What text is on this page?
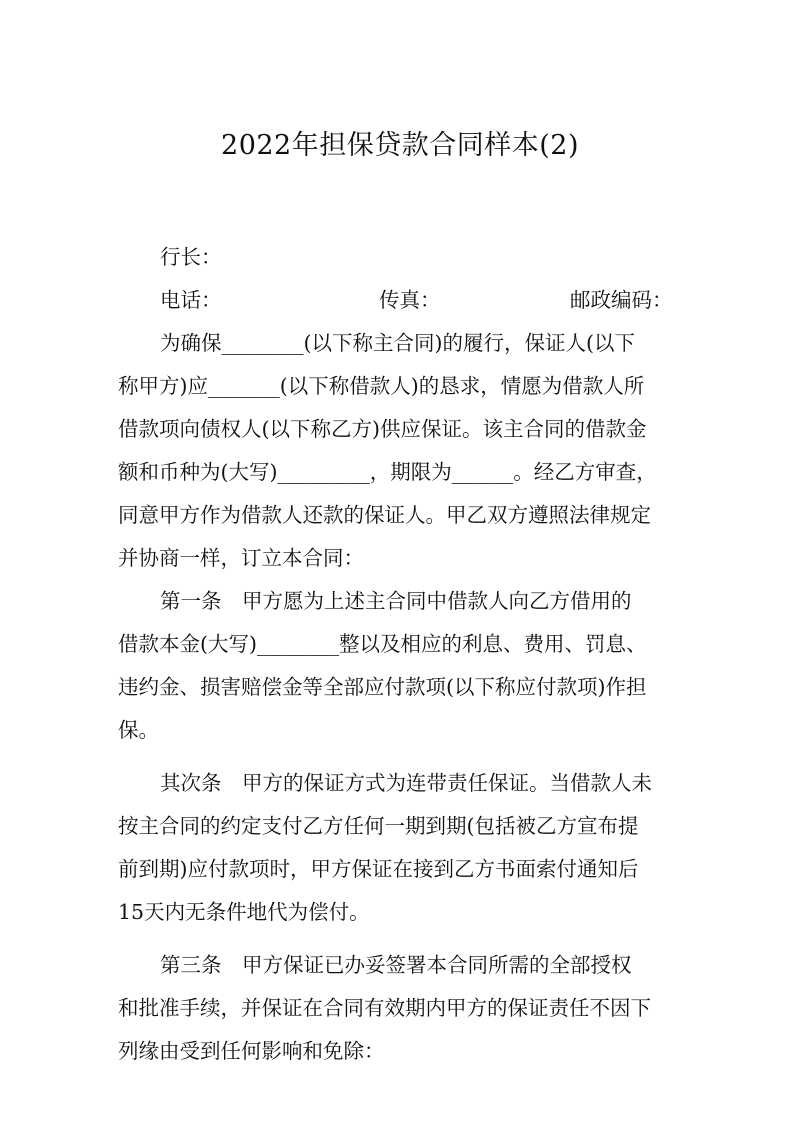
2022年担保贷款合同样本(2)
行长：
电话：	传真：	邮政编码：
为确保________(以下称主合同)的履行，保证人(以下
称甲方)应_______(以下称借款人)的恳求，情愿为借款人所
借款项向债权人(以下称乙方)供应保证。该主合同的借款金
额和币种为(大写)_________，期限为______。经乙方审查，
同意甲方作为借款人还款的保证人。甲乙双方遵照法律规定
并协商一样，订立本合同：
第一条　甲方愿为上述主合同中借款人向乙方借用的
借款本金(大写)________整以及相应的利息、费用、罚息、
违约金、损害赔偿金等全部应付款项(以下称应付款项)作担
保。
其次条　甲方的保证方式为连带责任保证。当借款人未
按主合同的约定支付乙方任何一期到期(包括被乙方宣布提
前到期)应付款项时，甲方保证在接到乙方书面索付通知后
15天内无条件地代为偿付。
第三条　甲方保证已办妥签署本合同所需的全部授权
和批准手续，并保证在合同有效期内甲方的保证责任不因下
列缘由受到任何影响和免除：
